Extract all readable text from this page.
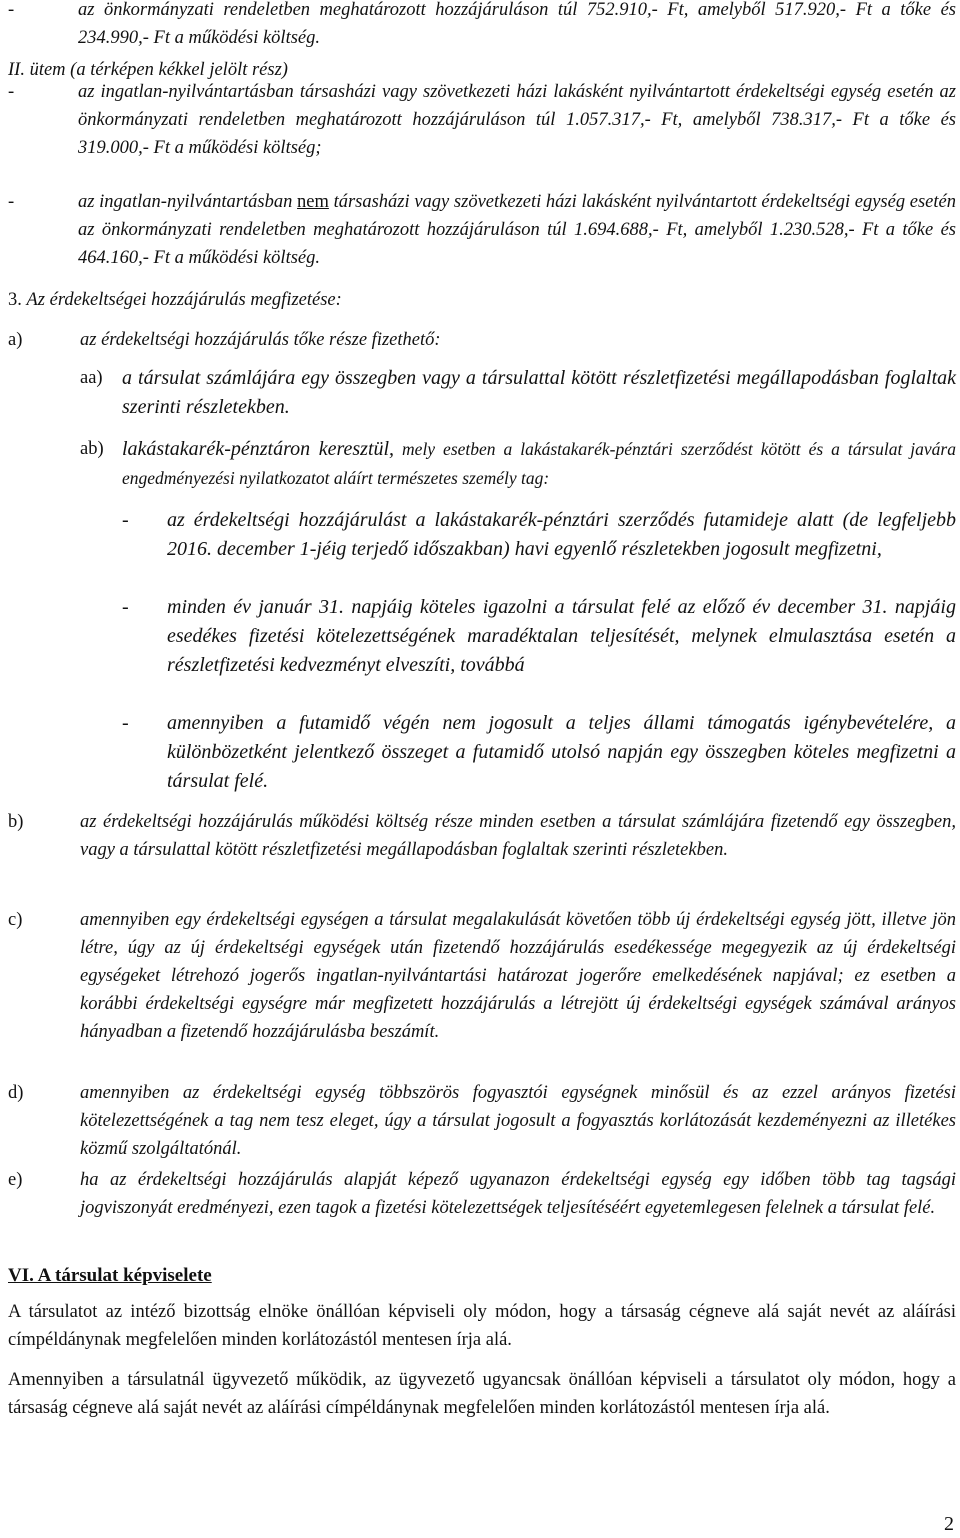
-	az önkormányzati rendeletben meghatározott hozzájáruláson túl 752.910,- Ft, amelyből 517.920,- Ft a tőke és 234.990,- Ft a működési költség.
II. ütem (a térképen kékkel jelölt rész)
-	az ingatlan-nyilvántartásban társasházi vagy szövetkezeti házi lakásként nyilvántartott érdekeltségi egység esetén az önkormányzati rendeletben meghatározott hozzájáruláson túl 1.057.317,- Ft, amelyből 738.317,- Ft a tőke és 319.000,- Ft a működési költség;
-	az ingatlan-nyilvántartásban nem társasházi vagy szövetkezeti házi lakásként nyilvántartott érdekeltségi egység esetén az önkormányzati rendeletben meghatározott hozzájáruláson túl 1.694.688,- Ft, amelyből 1.230.528,- Ft a tőke és 464.160,- Ft a működési költség.
3. Az érdekeltségei hozzájárulás megfizetése:
a)	az érdekeltségi hozzájárulás tőke része fizethető:
aa) a társulat számlájára egy összegben vagy a társulattal kötött részletfizetési megállapodásban foglaltak szerinti részletekben.
ab) lakástakarék-pénztáron keresztül, mely esetben a lakástakarék-pénztári szerződést kötött és a társulat javára engedményezési nyilatkozatot aláírt természetes személy tag:
-	az érdekeltségi hozzájárulást a lakástakarék-pénztári szerződés futamideje alatt (de legfeljebb 2016. december 1-jéig terjedő időszakban) havi egyenlő részletekben jogosult megfizetni,
-	minden év január 31. napjáig köteles igazolni a társulat felé az előző év december 31. napjáig esedékes fizetési kötelezettségének maradéktalan teljesítését, melynek elmulasztása esetén a részletfizetési kedvezményt elveszíti, továbbá
-	amennyiben a futamidő végén nem jogosult a teljes állami támogatás igénybevételére, a különbözetként jelentkező összeget a futamidő utolsó napján egy összegben köteles megfizetni a társulat felé.
b)	az érdekeltségi hozzájárulás működési költség része minden esetben a társulat számlájára fizetendő egy összegben, vagy a társulattal kötött részletfizetési megállapodásban foglaltak szerinti részletekben.
c)	amennyiben egy érdekeltségi egységen a társulat megalakulását követően több új érdekeltségi egység jött, illetve jön létre, úgy az új érdekeltségi egységek után fizetendő hozzájárulás esedékessége megegyezik az új érdekeltségi egységeket létrehozó jogerős ingatlan-nyilvántartási határozat jogerőre emelkedésének napjával; ez esetben a korábbi érdekeltségi egységre már megfizetett hozzájárulás a létrejött új érdekeltségi egységek számával arányos hányadban a fizetendő hozzájárulásba beszámít.
d)	amennyiben az érdekeltségi egység többszörös fogyasztói egységnek minősül és az ezzel arányos fizetési kötelezettségének a tag nem tesz eleget, úgy a társulat jogosult a fogyasztás korlátozását kezdeményezni az illetékes közmű szolgáltatónál.
e)	ha az érdekeltségi hozzájárulás alapját képező ugyanazon érdekeltségi egység egy időben több tag tagsági jogviszonyát eredményezi, ezen tagok a fizetési kötelezettségek teljesítéséért egyetemlegesen felelnek a társulat felé.
VI. A társulat képviselete
A társulatot az intéző bizottság elnöke önállóan képviseli oly módon, hogy a társaság cégneve alá saját nevét az aláírási címpéldánynak megfelelően minden korlátozástól mentesen írja alá.
Amennyiben a társulatnál ügyvezető működik, az ügyvezető ugyancsak önállóan képviseli a társulatot oly módon, hogy a társaság cégneve alá saját nevét az aláírási címpéldánynak megfelelően minden korlátozástól mentesen írja alá.
2
